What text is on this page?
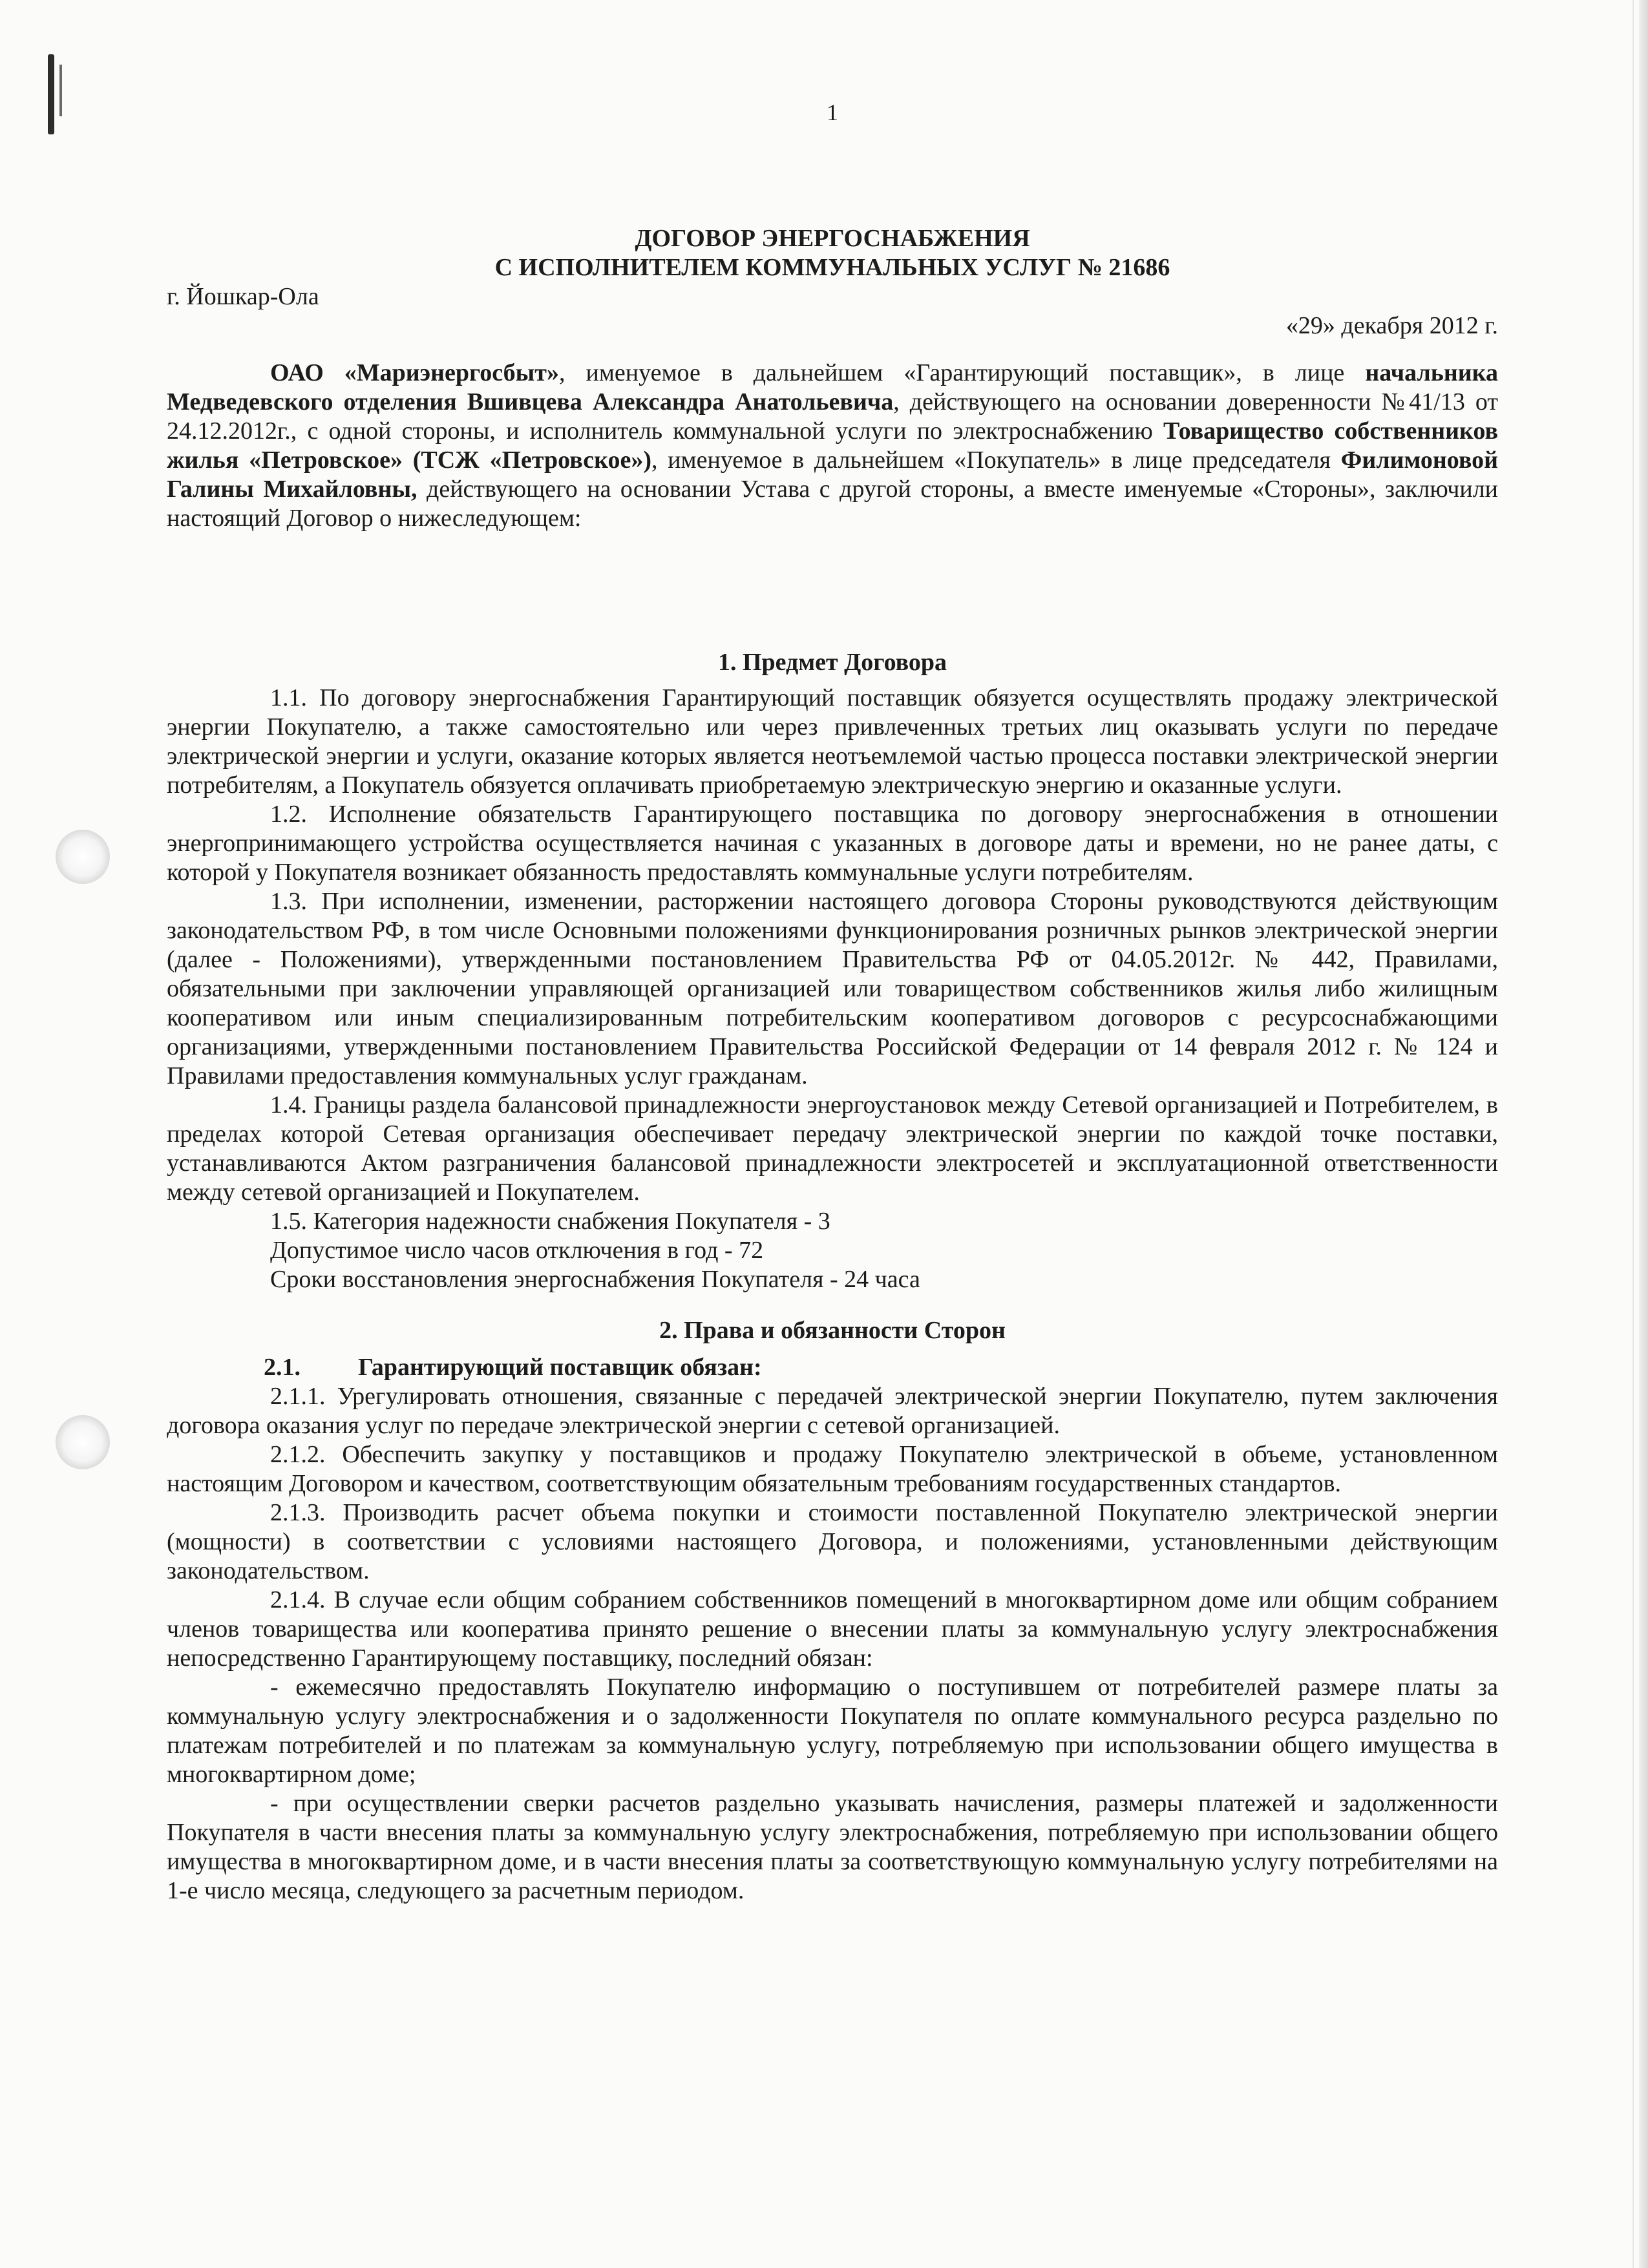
1

ДОГОВОР ЭНЕРГОСНАБЖЕНИЯ

С ИСПОЛНИТЕЛЕМ КОММУНАЛЬНЫХ УСЛУГ № 21686

г. Йошкар-Ола

«29» декабря 2012 г.

ОАО «Мариэнергосбыт», именуемое в дальнейшем «Гарантирующий поставщик», в лице начальника Медведевского отделения Вшивцева Александра Анатольевича, действующего на основании доверенности №41/13 от 24.12.2012г., с одной стороны, и исполнитель коммунальной услуги по электроснабжению Товарищество собственников жилья «Петровское» (ТСЖ «Петровское»), именуемое в дальнейшем «Покупатель» в лице председателя Филимоновой Галины Михайловны, действующего на основании Устава с другой стороны, а вместе именуемые «Стороны», заключили настоящий Договор о нижеследующем:

1. Предмет Договора

1.1. По договору энергоснабжения Гарантирующий поставщик обязуется осуществлять продажу электрической энергии Покупателю, а также самостоятельно или через привлеченных третьих лиц оказывать услуги по передаче электрической энергии и услуги, оказание которых является неотъемлемой частью процесса поставки электрической энергии потребителям, а Покупатель обязуется оплачивать приобретаемую электрическую энергию и оказанные услуги.

1.2. Исполнение обязательств Гарантирующего поставщика по договору энергоснабжения в отношении энергопринимающего устройства осуществляется начиная с указанных в договоре даты и времени, но не ранее даты, с которой у Покупателя возникает обязанность предоставлять коммунальные услуги потребителям.

1.3. При исполнении, изменении, расторжении настоящего договора Стороны руководствуются действующим законодательством РФ, в том числе Основными положениями функционирования розничных рынков электрической энергии (далее - Положениями), утвержденными постановлением Правительства РФ от 04.05.2012г. № 442, Правилами, обязательными при заключении управляющей организацией или товариществом собственников жилья либо жилищным кооперативом или иным специализированным потребительским кооперативом договоров с ресурсоснабжающими организациями, утвержденными постановлением Правительства Российской Федерации от 14 февраля 2012 г. № 124 и Правилами предоставления коммунальных услуг гражданам.

1.4. Границы раздела балансовой принадлежности энергоустановок между Сетевой организацией и Потребителем, в пределах которой Сетевая организация обеспечивает передачу электрической энергии по каждой точке поставки, устанавливаются Актом разграничения балансовой принадлежности электросетей и эксплуатационной ответственности между сетевой организацией и Покупателем.

1.5. Категория надежности снабжения Покупателя - 3

Допустимое число часов отключения в год - 72

Сроки восстановления энергоснабжения Покупателя - 24 часа

2. Права и обязанности Сторон

2.1. Гарантирующий поставщик обязан:

2.1.1. Урегулировать отношения, связанные с передачей электрической энергии Покупателю, путем заключения договора оказания услуг по передаче электрической энергии с сетевой организацией.

2.1.2. Обеспечить закупку у поставщиков и продажу Покупателю электрической в объеме, установленном настоящим Договором и качеством, соответствующим обязательным требованиям государственных стандартов.

2.1.3. Производить расчет объема покупки и стоимости поставленной Покупателю электрической энергии (мощности) в соответствии с условиями настоящего Договора, и положениями, установленными действующим законодательством.

2.1.4. В случае если общим собранием собственников помещений в многоквартирном доме или общим собранием членов товарищества или кооператива принято решение о внесении платы за коммунальную услугу электроснабжения непосредственно Гарантирующему поставщику, последний обязан:

- ежемесячно предоставлять Покупателю информацию о поступившем от потребителей размере платы за коммунальную услугу электроснабжения и о задолженности Покупателя по оплате коммунального ресурса раздельно по платежам потребителей и по платежам за коммунальную услугу, потребляемую при использовании общего имущества в многоквартирном доме;

- при осуществлении сверки расчетов раздельно указывать начисления, размеры платежей и задолженности Покупателя в части внесения платы за коммунальную услугу электроснабжения, потребляемую при использовании общего имущества в многоквартирном доме, и в части внесения платы за соответствующую коммунальную услугу потребителями на 1-е число месяца, следующего за расчетным периодом.
